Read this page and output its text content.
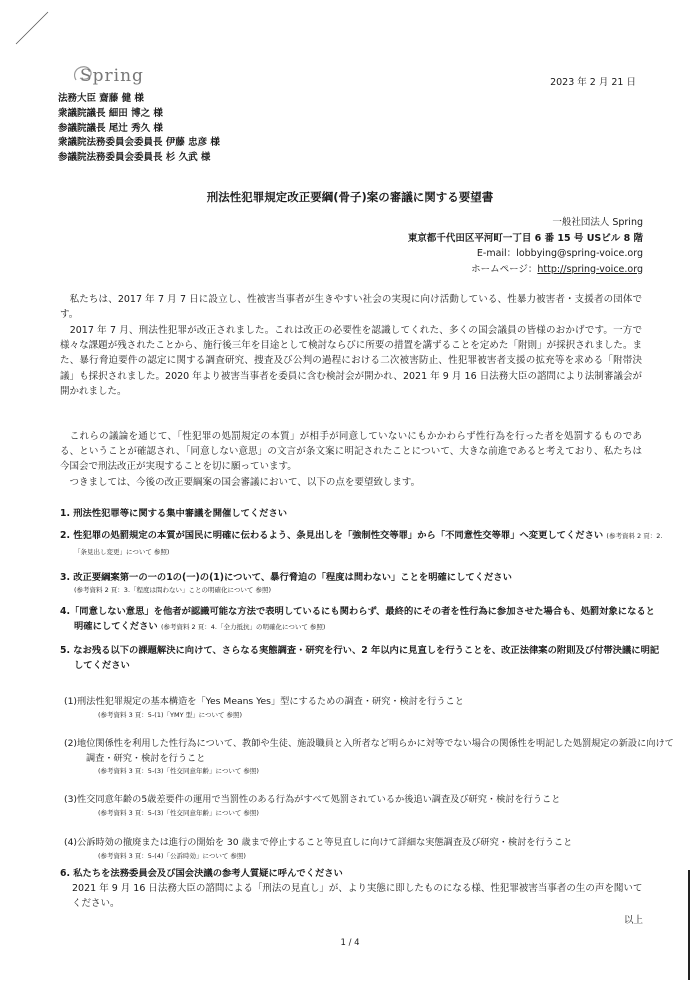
Spring	2023 年 2 月 21 日
法務大臣 齋藤 健 様
衆議院議長 細田 博之 様
参議院議長 尾辻 秀久 様
衆議院法務委員会委員長 伊藤 忠彦 様
参議院法務委員会委員長 杉 久武 様
刑法性犯罪規定改正要綱(骨子)案の審議に関する要望書
一般社団法人 Spring
東京都千代田区平河町一丁目 6 番 15 号 USビル 8 階
E-mail：lobbying@spring-voice.org
ホームページ：http://spring-voice.org
　私たちは、2017 年 7 月 7 日に設立し、性被害当事者が生きやすい社会の実現に向け活動している、性暴力被害者・支援者の団体です。
　2017 年 7 月、刑法性犯罪が改正されました。これは改正の必要性を認識してくれた、多くの国会議員の皆様のおかげです。一方で様々な課題が残されたことから、施行後三年を目途として検討ならびに所要の措置を講ずることを定めた「附則」が採択されました。また、暴行脅迫要件の認定に関する調査研究、捜査及び公判の過程における二次被害防止、性犯罪被害者支援の拡充等を求める「附帯決議」も採択されました。2020 年より被害当事者を委員に含む検討会が開かれ、2021 年 9 月 16 日法務大臣の諮問により法制審議会が開かれました。
　これらの議論を通じて、「性犯罪の処罰規定の本質」が相手が同意していないにもかかわらず性行為を行った者を処罰するものである、ということが確認され、「同意しない意思」の文言が条文案に明記されたことについて、大きな前進であると考えており、私たちは今国会で刑法改正が実現することを切に願っています。
　つきましては、今後の改正要綱案の国会審議において、以下の点を要望致します。
1. 刑法性犯罪等に関する集中審議を開催してください
2. 性犯罪の処罰規定の本質が国民に明確に伝わるよう、条見出しを「強制性交等罪」から「不同意性交等罪」へ変更してください (参考資料 2 頁：2.「条見出し変更」について 参照)
3. 改正要綱案第一の一の1の(一)の(1)について、暴行脅迫の「程度は問わない」ことを明確にしてください
(参考資料 2 頁：3.「程度は問わない」ことの明確化について 参照)
4.「同意しない意思」を他者が認識可能な方法で表明しているにも関わらず、最終的にその者を性行為に参加させた場合も、処罰対象になると明確にしてください (参考資料 2 頁：4.「全力抵抗」の明確化について 参照)
5. なお残る以下の課題解決に向けて、さらなる実態調査・研究を行い、2 年以内に見直しを行うことを、改正法律案の附則及び付帯決議に明記してください
(1)刑法性犯罪規定の基本構造を「Yes Means Yes」型にするための調査・研究・検討を行うこと
(参考資料 3 頁：5-(1)「YMY 型」について 参照)
(2)地位関係性を利用した性行為について、教師や生徒、施設職員と入所者など明らかに対等でない場合の関係性を明記した処罰規定の新設に向けて調査・研究・検討を行うこと
(参考資料 3 頁：5-(3)「性交同意年齢」について 参照)
(3)性交同意年齢の5歳差要件の運用で当罰性のある行為がすべて処罰されているか後追い調査及び研究・検討を行うこと
(参考資料 3 頁：5-(3)「性交同意年齢」について 参照)
(4)公訴時効の撤廃または進行の開始を 30 歳まで停止すること等見直しに向けて詳細な実態調査及び研究・検討を行うこと
(参考資料 3 頁：5-(4)「公訴時効」について 参照)
6. 私たちを法務委員会及び国会決議の参考人質疑に呼んでください
2021 年 9 月 16 日法務大臣の諮問による「刑法の見直し」が、より実態に即したものになる様、性犯罪被害当事者の生の声を聞いてください。
以上
1 / 4
